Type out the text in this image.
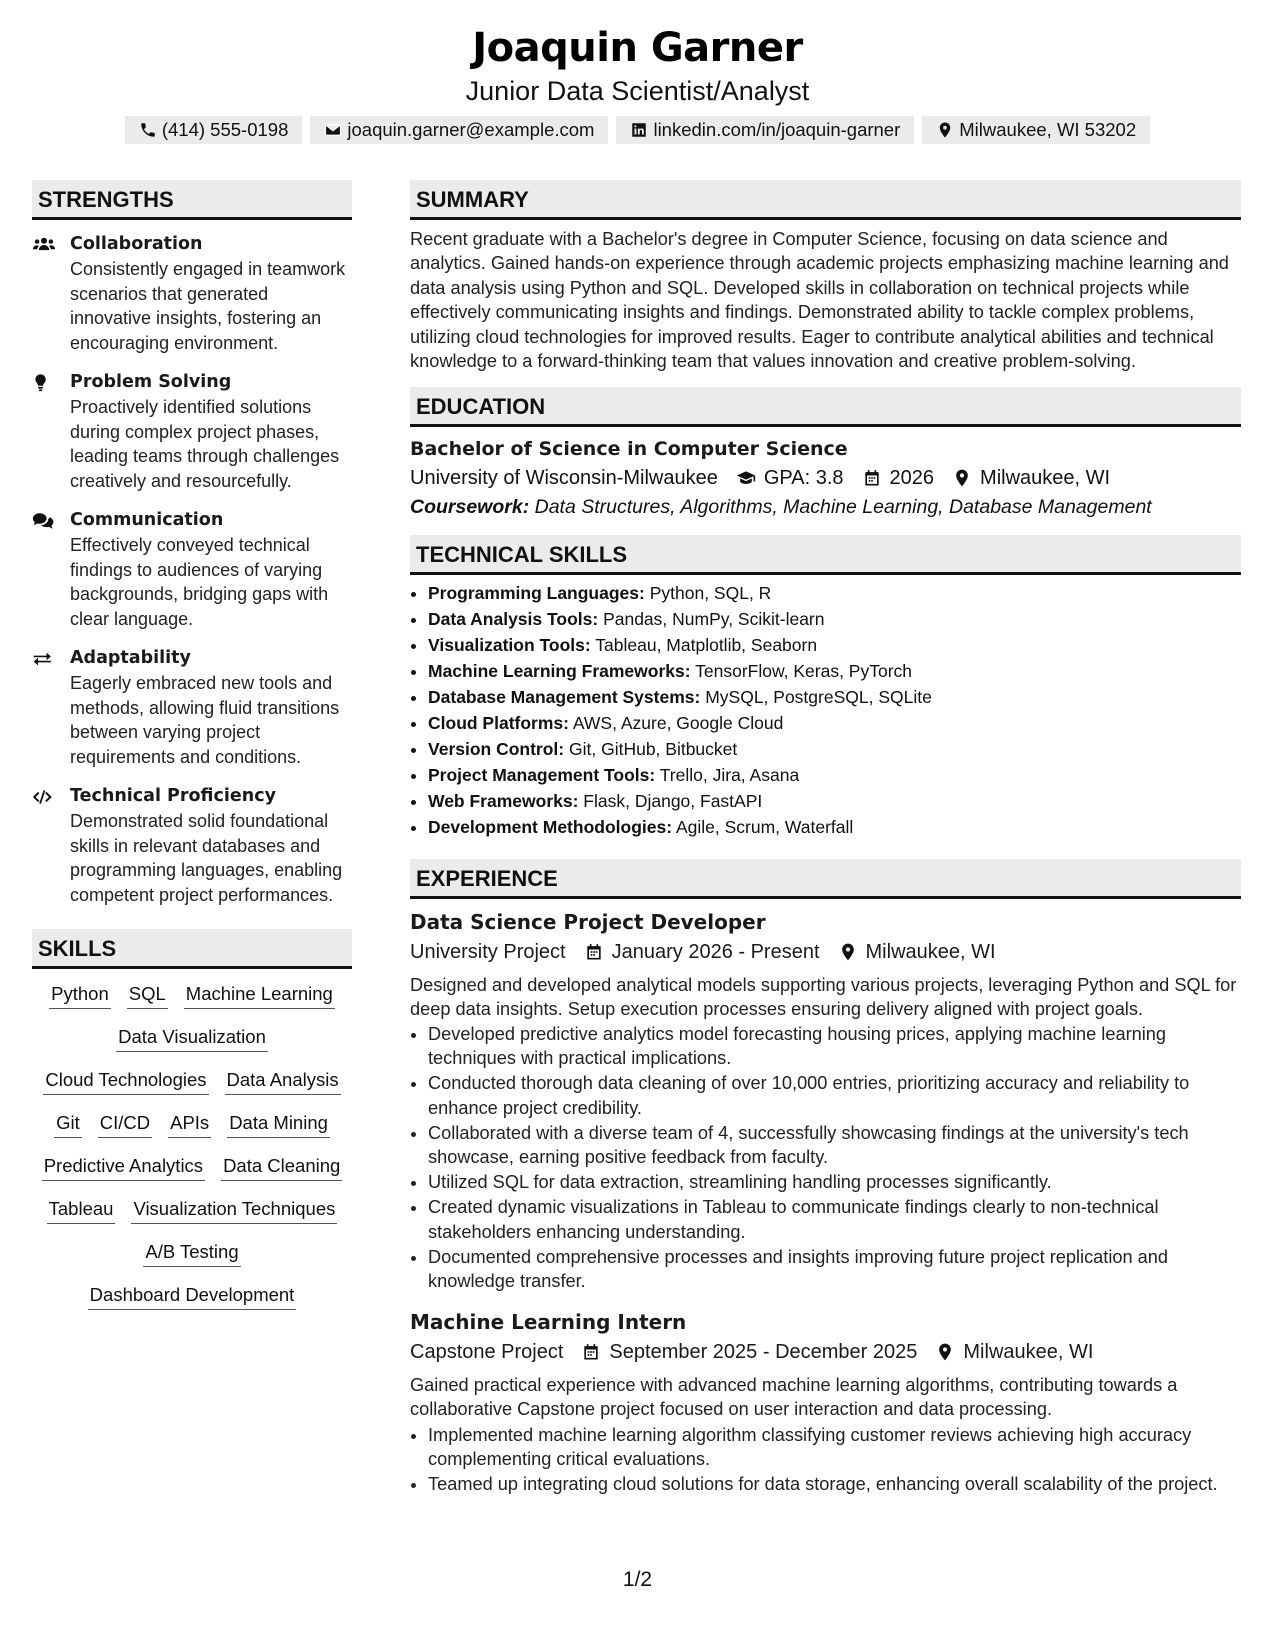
Joaquin Garner
Junior Data Scientist/Analyst
(414) 555-0198	joaquin.garner@example.com	linkedin.com/in/joaquin-garner	Milwaukee, WI 53202
STRENGTHS
Collaboration
Consistently engaged in teamwork scenarios that generated innovative insights, fostering an encouraging environment.
Problem Solving
Proactively identified solutions during complex project phases, leading teams through challenges creatively and resourcefully.
Communication
Effectively conveyed technical findings to audiences of varying backgrounds, bridging gaps with clear language.
Adaptability
Eagerly embraced new tools and methods, allowing fluid transitions between varying project requirements and conditions.
Technical Proficiency
Demonstrated solid foundational skills in relevant databases and programming languages, enabling competent project performances.
SKILLS
Python SQL Machine Learning
Data Visualization
Cloud Technologies Data Analysis
Git CI/CD APIs Data Mining
Predictive Analytics Data Cleaning
Tableau Visualization Techniques
A/B Testing
Dashboard Development
SUMMARY
Recent graduate with a Bachelor's degree in Computer Science, focusing on data science and analytics. Gained hands-on experience through academic projects emphasizing machine learning and data analysis using Python and SQL. Developed skills in collaboration on technical projects while effectively communicating insights and findings. Demonstrated ability to tackle complex problems, utilizing cloud technologies for improved results. Eager to contribute analytical abilities and technical knowledge to a forward-thinking team that values innovation and creative problem-solving.
EDUCATION
Bachelor of Science in Computer Science
University of Wisconsin-Milwaukee GPA: 3.8 2026 Milwaukee, WI
Coursework: Data Structures, Algorithms, Machine Learning, Database Management
TECHNICAL SKILLS
• Programming Languages: Python, SQL, R
• Data Analysis Tools: Pandas, NumPy, Scikit-learn
• Visualization Tools: Tableau, Matplotlib, Seaborn
• Machine Learning Frameworks: TensorFlow, Keras, PyTorch
• Database Management Systems: MySQL, PostgreSQL, SQLite
• Cloud Platforms: AWS, Azure, Google Cloud
• Version Control: Git, GitHub, Bitbucket
• Project Management Tools: Trello, Jira, Asana
• Web Frameworks: Flask, Django, FastAPI
• Development Methodologies: Agile, Scrum, Waterfall
EXPERIENCE
Data Science Project Developer
University Project January 2026 - Present Milwaukee, WI
Designed and developed analytical models supporting various projects, leveraging Python and SQL for deep data insights. Setup execution processes ensuring delivery aligned with project goals.
• Developed predictive analytics model forecasting housing prices, applying machine learning techniques with practical implications.
• Conducted thorough data cleaning of over 10,000 entries, prioritizing accuracy and reliability to enhance project credibility.
• Collaborated with a diverse team of 4, successfully showcasing findings at the university's tech showcase, earning positive feedback from faculty.
• Utilized SQL for data extraction, streamlining handling processes significantly.
• Created dynamic visualizations in Tableau to communicate findings clearly to non-technical stakeholders enhancing understanding.
• Documented comprehensive processes and insights improving future project replication and knowledge transfer.
Machine Learning Intern
Capstone Project September 2025 - December 2025 Milwaukee, WI
Gained practical experience with advanced machine learning algorithms, contributing towards a collaborative Capstone project focused on user interaction and data processing.
• Implemented machine learning algorithm classifying customer reviews achieving high accuracy complementing critical evaluations.
• Teamed up integrating cloud solutions for data storage, enhancing overall scalability of the project.
1/2
